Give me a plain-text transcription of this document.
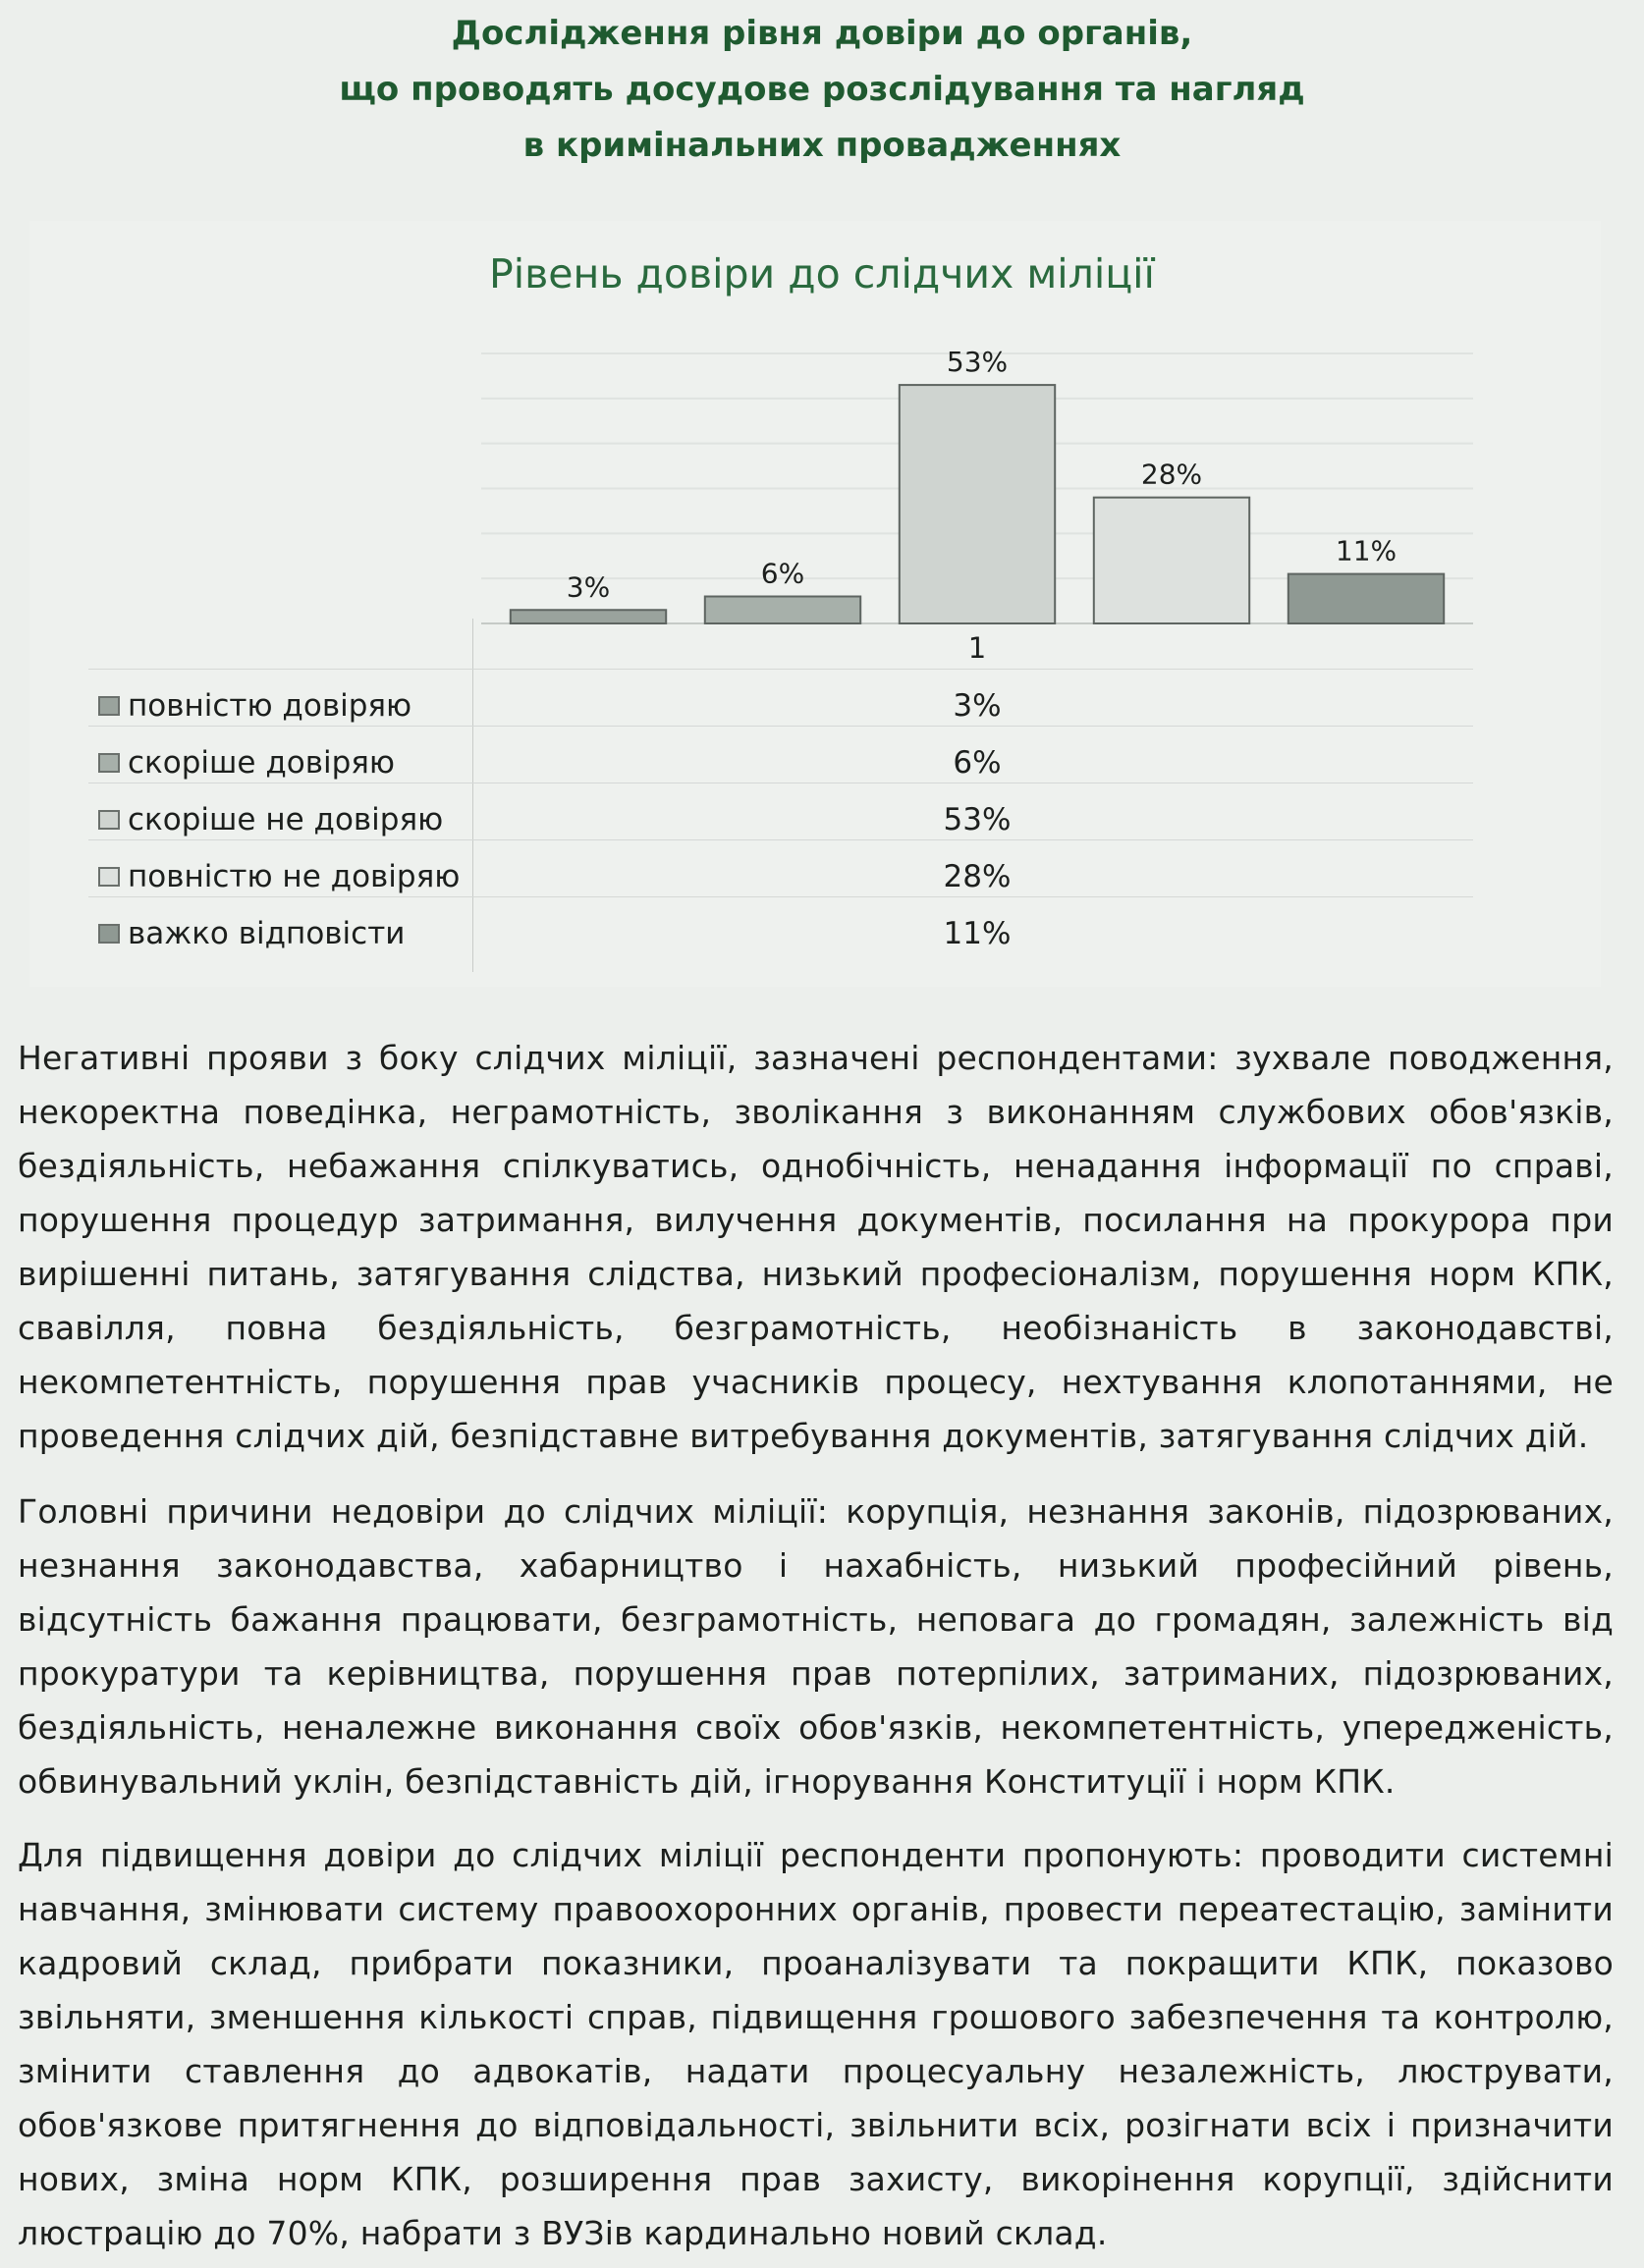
Дослідження рівня довіри до органів,
що проводять досудове розслідування та нагляд
в кримінальних провадженнях
Рівень довіри до слідчих міліції
3%	6%
53%
28%
11%
1
повністю довіряю	3%
скоріше довіряю	6%
скоріше не довіряю	53%
повністю не довіряю	28%
важко відповісти	11%
Негативні прояви з боку слідчих міліції, зазначені респондентами: зухвале поводження,
некоректна поведінка, неграмотність, зволікання з виконанням службових обов'язків,
бездіяльність, небажання спілкуватись, однобічність, ненадання інформації по справі,
порушення процедур затримання, вилучення документів, посилання на прокурора при
вирішенні питань, затягування слідства, низький професіоналізм, порушення норм КПК,
свавілля, повна бездіяльність, безграмотність, необізнаність в законодавстві,
некомпетентність, порушення прав учасників процесу, нехтування клопотаннями, не
проведення слідчих дій, безпідставне витребування документів, затягування слідчих дій.
Головні причини недовіри до слідчих міліції: корупція, незнання законів, підозрюваних,
незнання законодавства, хабарництво і нахабність, низький професійний рівень,
відсутність бажання працювати, безграмотність, неповага до громадян, залежність від
прокуратури та керівництва, порушення прав потерпілих, затриманих, підозрюваних,
бездіяльність, неналежне виконання своїх обов'язків, некомпетентність, упередженість,
обвинувальний уклін, безпідставність дій, ігнорування Конституції і норм КПК.
Для підвищення довіри до слідчих міліції респонденти пропонують: проводити системні
навчання, змінювати систему правоохоронних органів, провести переатестацію, замінити
кадровий склад, прибрати показники, проаналізувати та покращити КПК, показово
звільняти, зменшення кількості справ, підвищення грошового забезпечення та контролю,
змінити ставлення до адвокатів, надати процесуальну незалежність, люструвати,
обов'язкове притягнення до відповідальності, звільнити всіх, розігнати всіх і призначити
нових, зміна норм КПК, розширення прав захисту, викорінення корупції, здійснити
люстрацію до 70%, набрати з ВУЗів кардинально новий склад.
